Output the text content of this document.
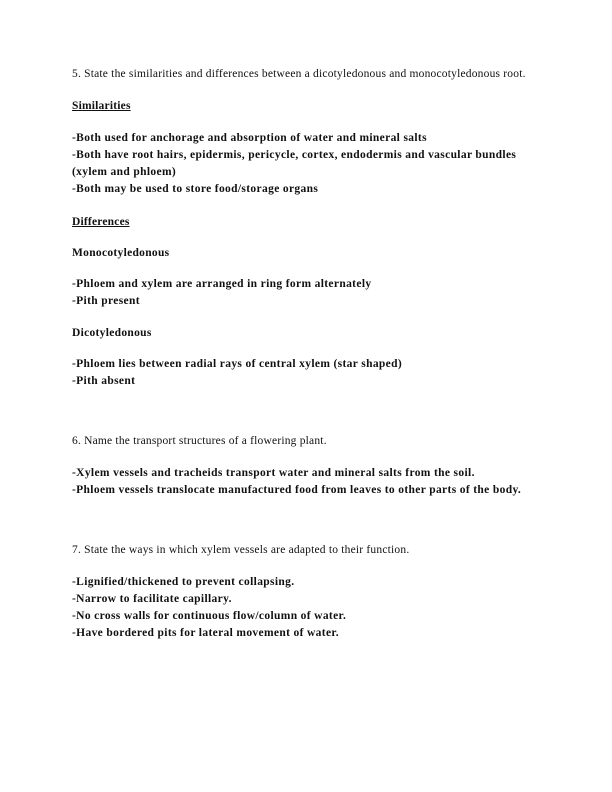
5. State the similarities and differences between a dicotyledonous and monocotyledonous root.

Similarities

-Both used for anchorage and absorption of water and mineral salts

-Both have root hairs, epidermis, pericycle, cortex, endodermis and vascular bundles (xylem and phloem)

-Both may be used to store food/storage organs

Differences

Monocotyledonous

-Phloem and xylem are arranged in ring form alternately

-Pith present

Dicotyledonous

-Phloem lies between radial rays of central xylem (star shaped)

-Pith absent

6. Name the transport structures of a flowering plant.

-Xylem vessels and tracheids transport water and mineral salts from the soil.

-Phloem vessels translocate manufactured food from leaves to other parts of the body.

7. State the ways in which xylem vessels are adapted to their function.

-Lignified/thickened to prevent collapsing.

-Narrow to facilitate capillary.

-No cross walls for continuous flow/column of water.

-Have bordered pits for lateral movement of water.
